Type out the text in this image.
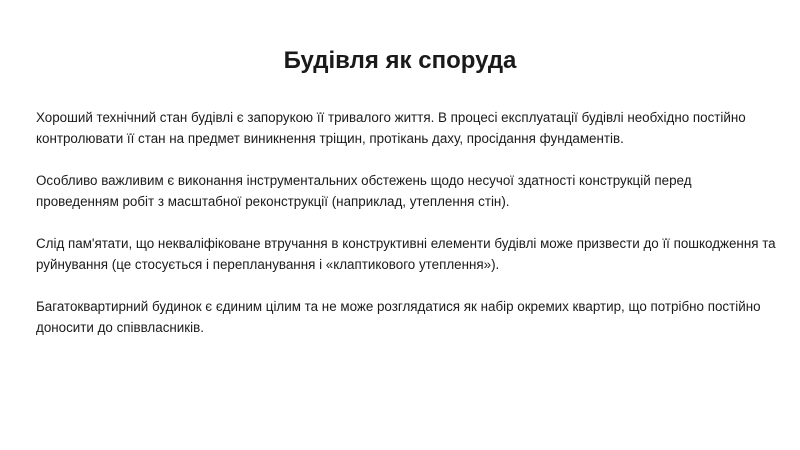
Будівля як споруда

Хороший технічний стан будівлі є запорукою її тривалого життя. В процесі експлуатації будівлі необхідно постійно контролювати її стан на предмет виникнення тріщин, протікань даху, просідання фундаментів.

Особливо важливим є виконання інструментальних обстежень щодо несучої здатності конструкцій перед проведенням робіт з масштабної реконструкції (наприклад, утеплення стін).

Слід пам'ятати, що некваліфіковане втручання в конструктивні елементи будівлі може призвести до її пошкодження та руйнування (це стосується і перепланування і «клаптикового утеплення»).

Багатоквартирний будинок є єдиним цілим та не може розглядатися як набір окремих квартир, що потрібно постійно доносити до співвласників.
